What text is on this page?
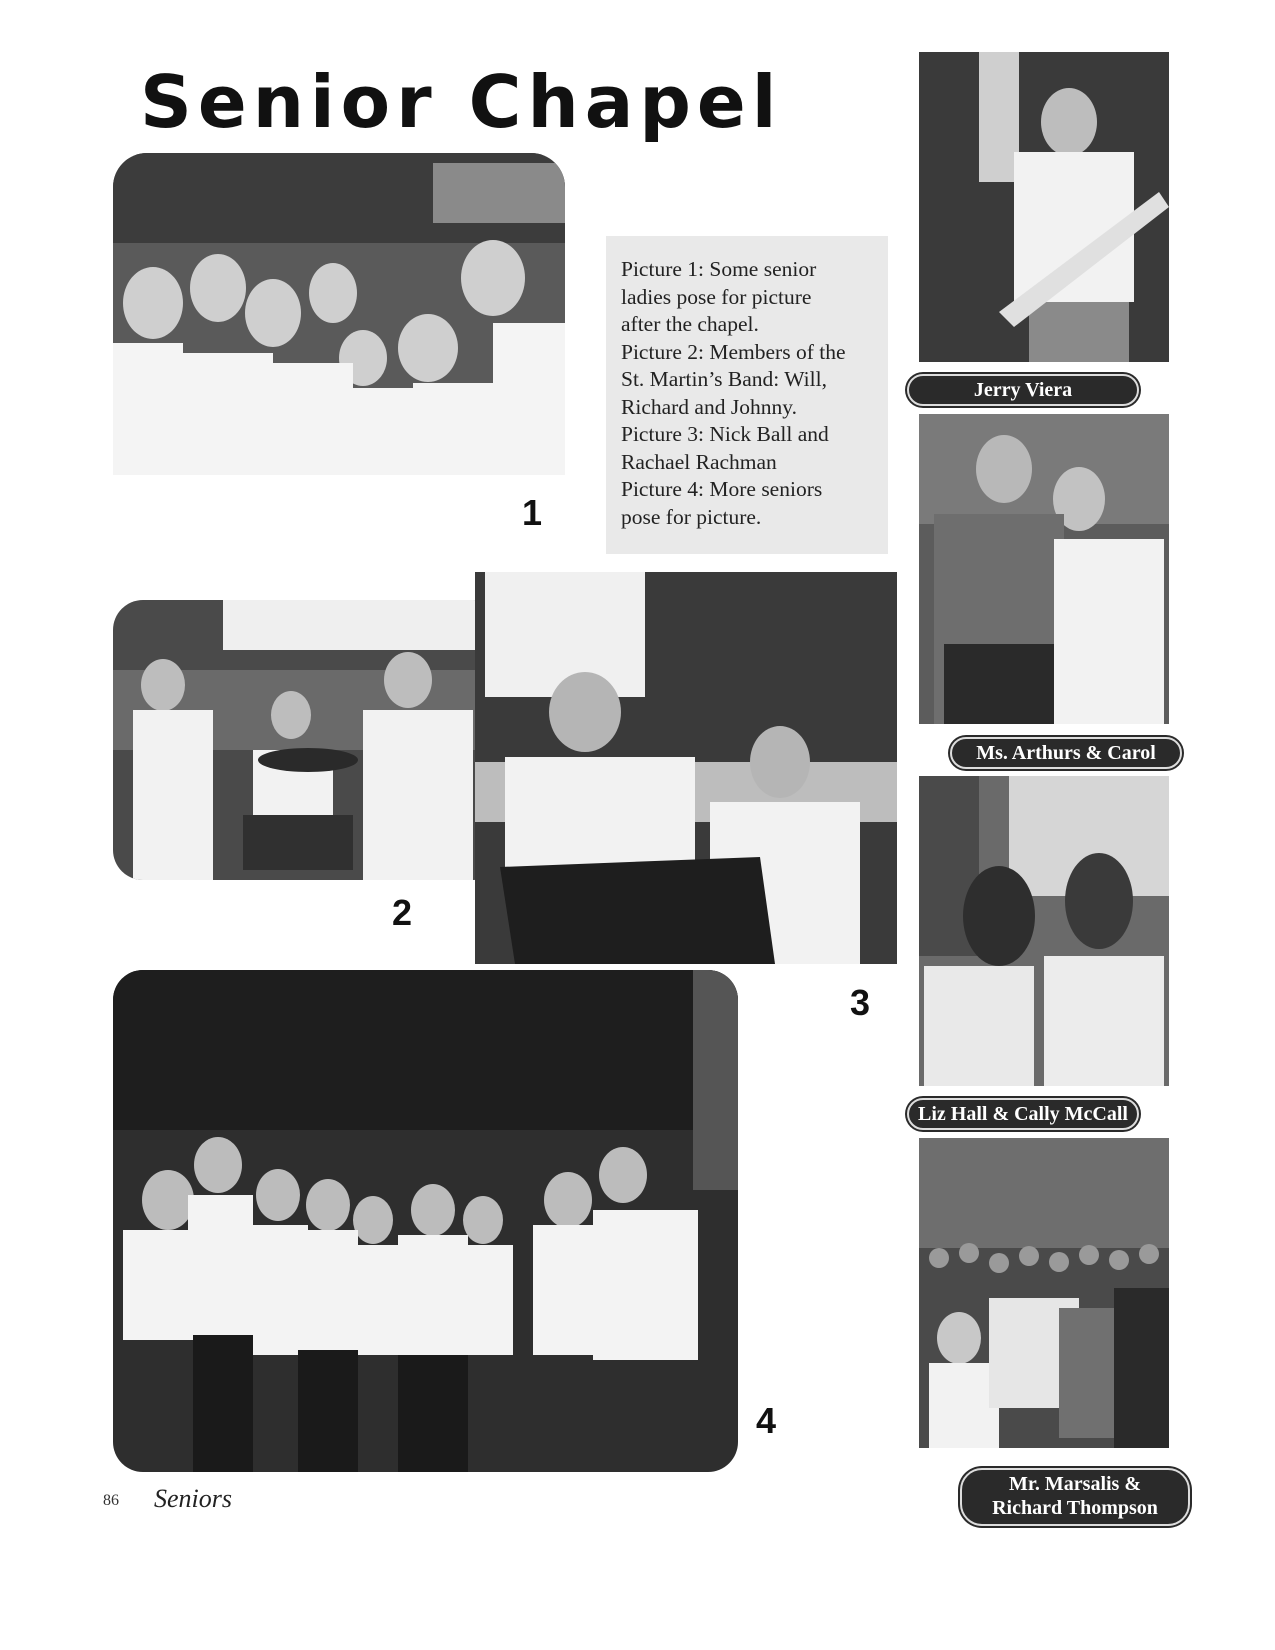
Senior Chapel
1
Picture 1: Some senior
ladies pose for picture
after the chapel.
Picture 2: Members of the
St. Martin’s Band: Will,
Richard and Johnny.
Picture 3: Nick Ball and
Rachael Rachman
Picture 4: More seniors
pose for picture.
2
3
4
Jerry Viera
Ms. Arthurs & Carol
Liz Hall & Cally McCall
Mr. Marsalis &
Richard Thompson
86 Seniors
